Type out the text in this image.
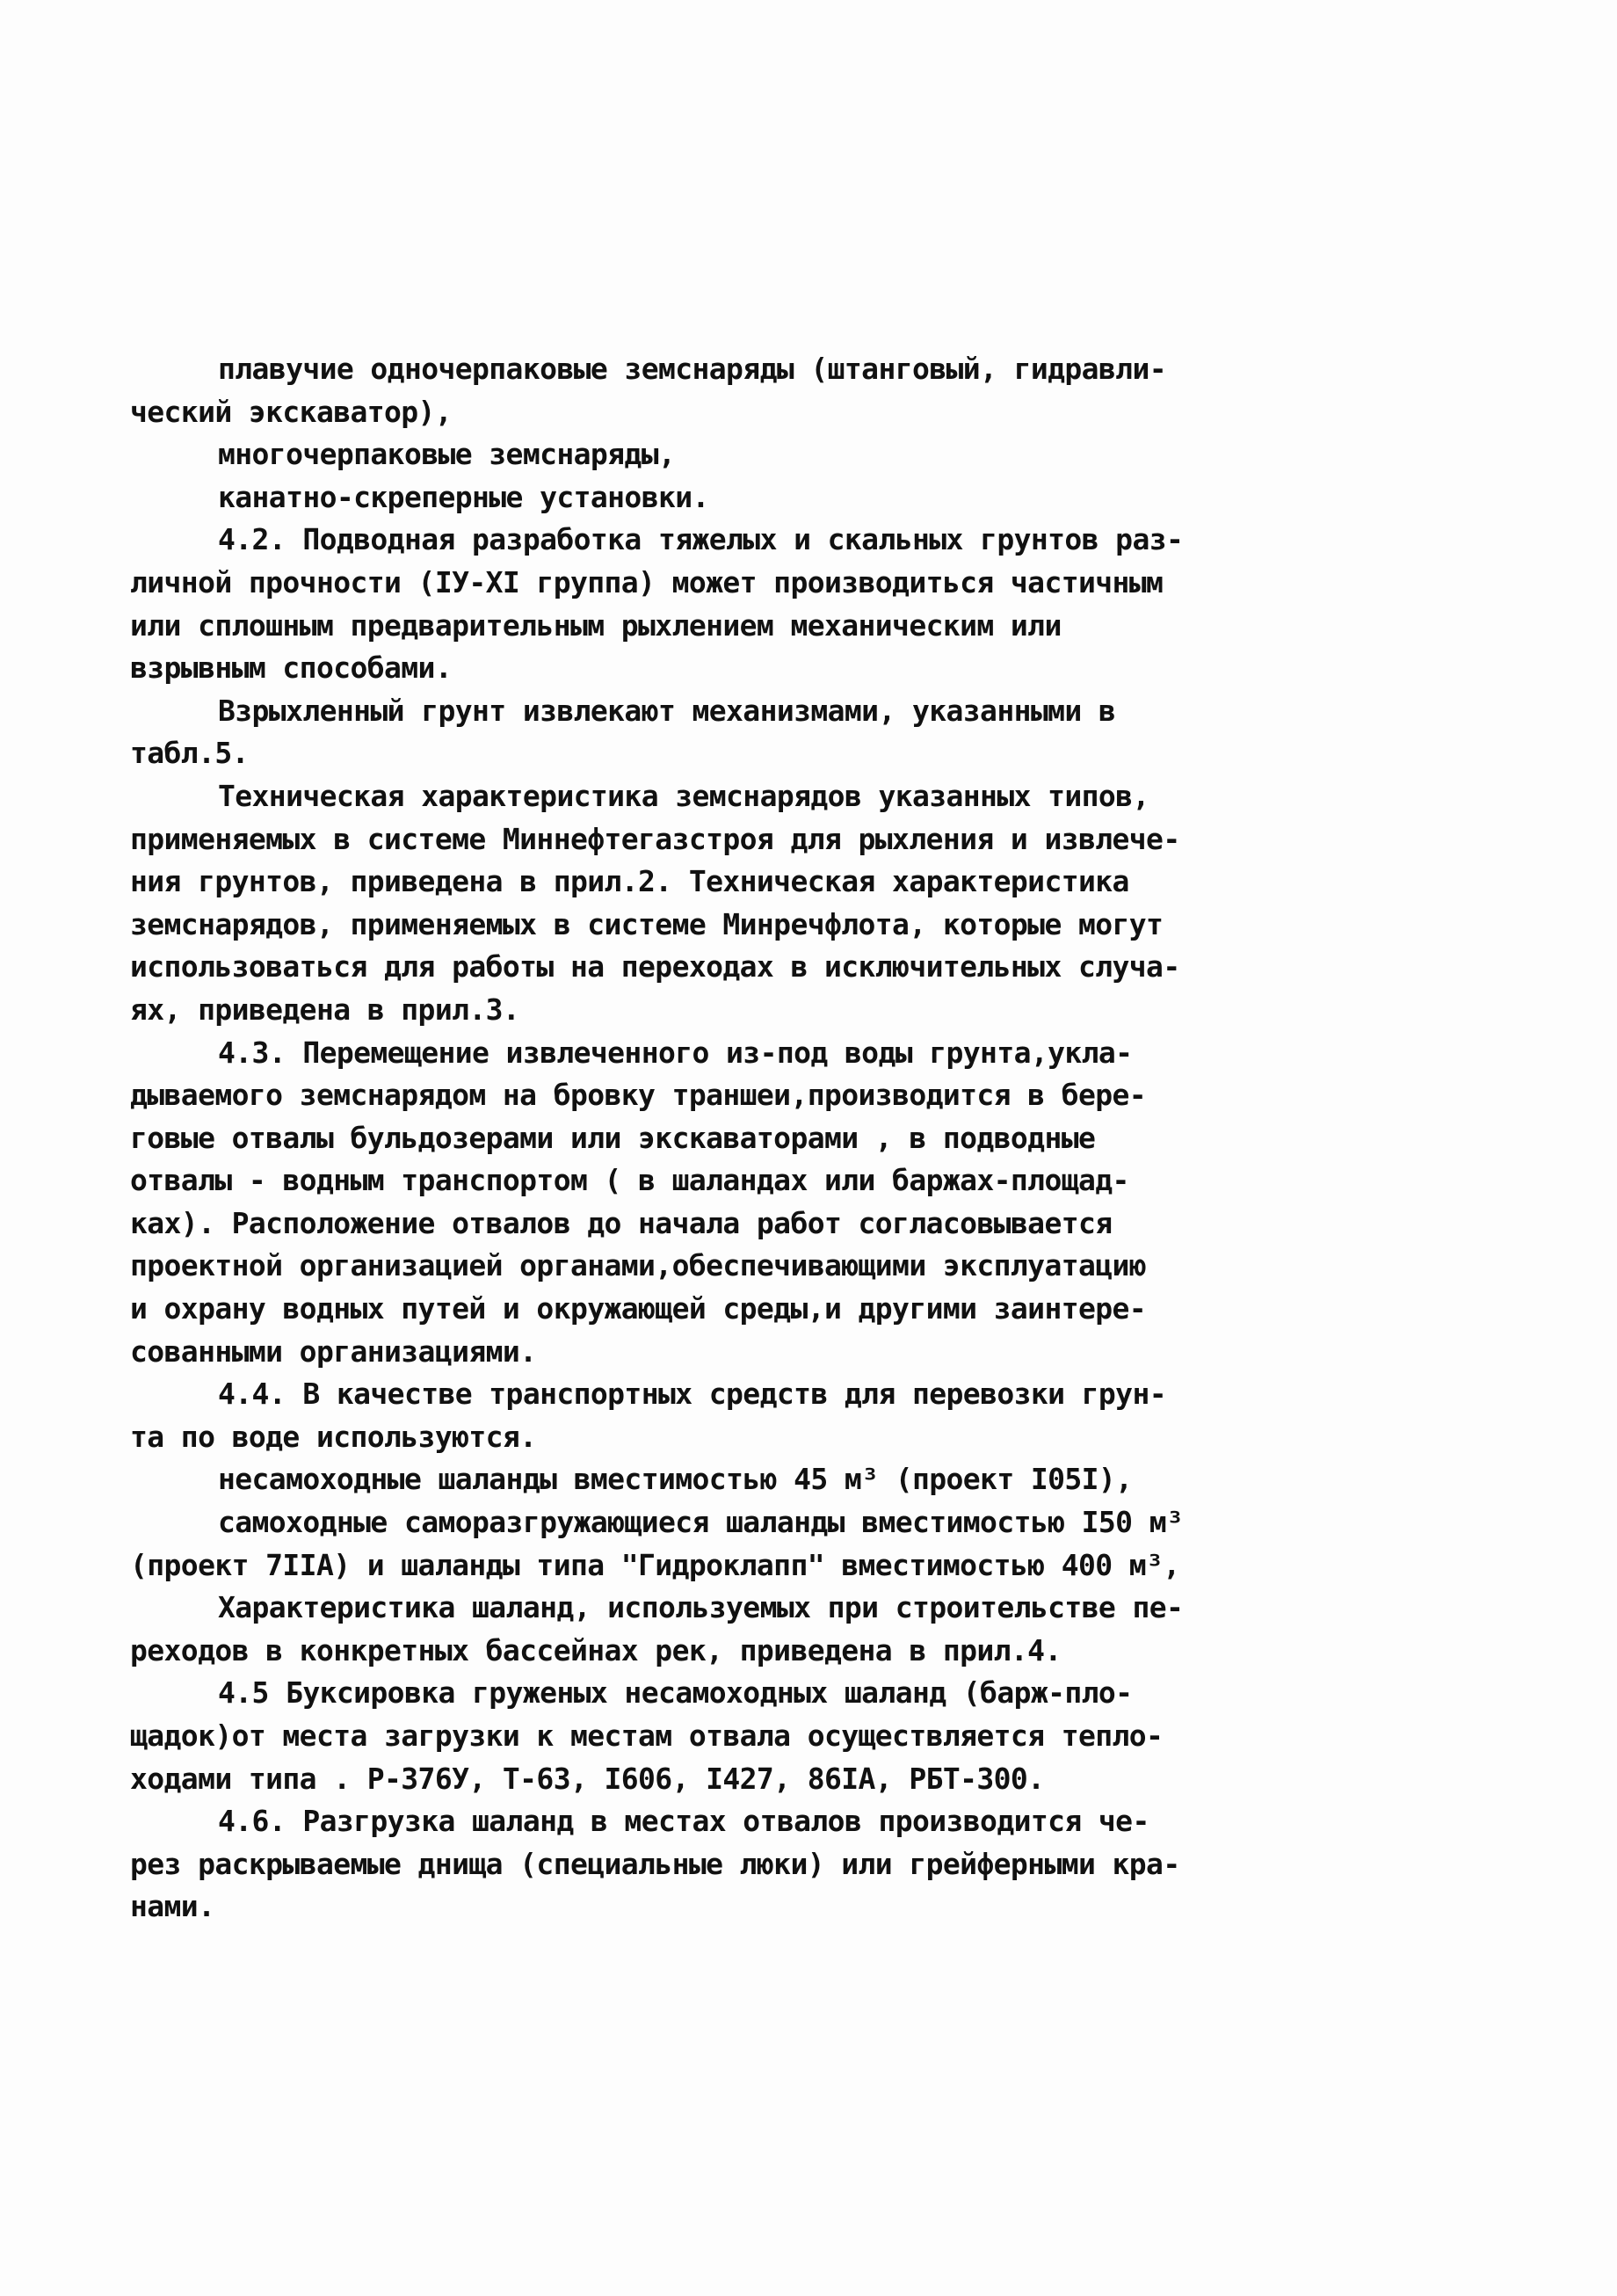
плавучие одночерпаковые земснаряды (штанговый, гидравли-
ческий экскаватор),
многочерпаковые земснаряды,
канатно-скреперные установки.
4.2. Подводная разработка тяжелых и скальных грунтов раз-
личной прочности (IУ-XI группа) может производиться частичным
или сплошным предварительным рыхлением механическим или
взрывным способами.
Взрыхленный грунт извлекают механизмами, указанными в
табл.5.
Техническая характеристика земснарядов указанных типов,
применяемых в системе Миннефтегазстроя для рыхления и извлече-
ния грунтов, приведена в прил.2. Техническая характеристика
земснарядов, применяемых в системе Минречфлота, которые могут
использоваться для работы на переходах в исключительных случа-
ях, приведена в прил.3.
4.3. Перемещение извлеченного из-под воды грунта,укла-
дываемого земснарядом на бровку траншеи,производится в бере-
говые отвалы бульдозерами или экскаваторами , в подводные
отвалы - водным транспортом ( в шаландах или баржах-площад-
ках). Расположение отвалов до начала работ согласовывается
проектной организацией органами,обеспечивающими эксплуатацию
и охрану водных путей и окружающей среды,и другими заинтере-
сованными организациями.
4.4. В качестве транспортных средств для перевозки грун-
та по воде используются.
несамоходные шаланды вместимостью 45 м³ (проект I05I),
самоходные саморазгружающиеся шаланды вместимостью I50 м³
(проект 7IIА) и шаланды типа "Гидроклапп" вместимостью 400 м³,
Характеристика шаланд, используемых при строительстве пе-
реходов в конкретных бассейнах рек, приведена в прил.4.
4.5 Буксировка груженых несамоходных шаланд (барж-пло-
щадок)от места загрузки к местам отвала осуществляется тепло-
ходами типа . Р-376У, Т-63, I606, I427, 86IА, РБТ-300.
4.6. Разгрузка шаланд в местах отвалов производится че-
рез раскрываемые днища (специальные люки) или грейферными кра-
нами.
